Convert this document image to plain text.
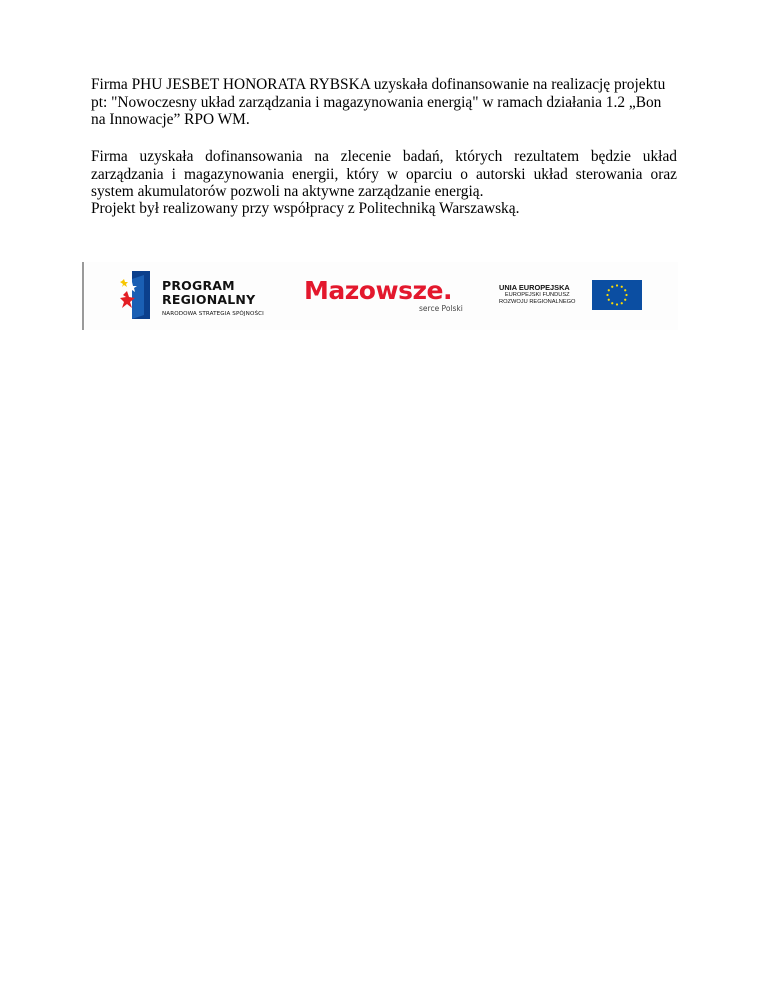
Firma PHU JESBET HONORATA RYBSKA uzyskała dofinansowanie na realizację projektu pt: "Nowoczesny układ zarządzania i magazynowania energią" w ramach działania 1.2 „Bon na Innowacje” RPO WM.

Firma uzyskała dofinansowania na zlecenie badań, których rezultatem będzie układ zarządzania i magazynowania energii, który w oparciu o autorski układ sterowania oraz system akumulatorów pozwoli na aktywne zarządzanie energią.

Projekt był realizowany przy współpracy z Politechniką Warszawską.

PROGRAM
REGIONALNY
NARODOWA STRATEGIA SPÓJNOŚCI
Mazowsze.
serce Polski
UNIA EUROPEJSKA
EUROPEJSKI FUNDUSZ
ROZWOJU REGIONALNEGO
